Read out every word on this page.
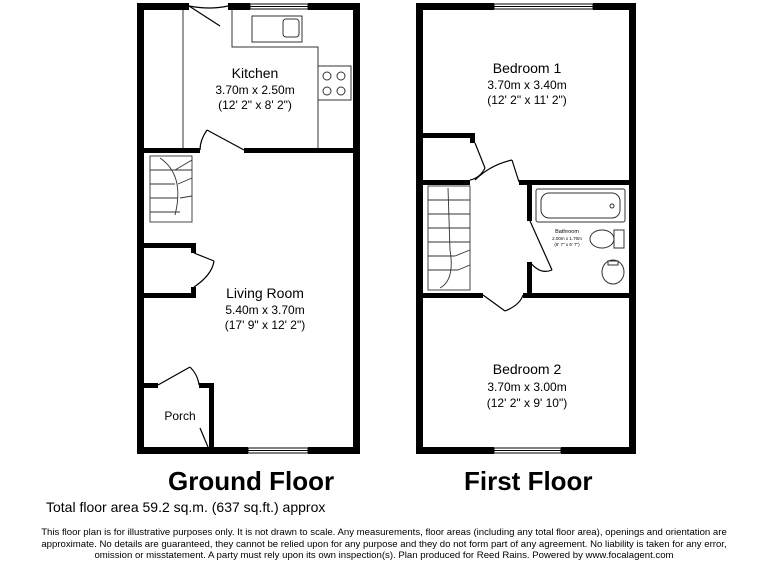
Kitchen
3.70m x 2.50m
(12' 2" x 8' 2")
Living Room
5.40m x 3.70m
(17' 9" x 12' 2")
Porch
Bedroom 1
3.70m x 3.40m
(12' 2" x 11' 2")
Bathroom
2.00m x 1.70m
(6' 7" x 5' 7")
Bedroom 2
3.70m x 3.00m
(12' 2" x 9' 10")
Ground Floor	First Floor
Total floor area 59.2 sq.m. (637 sq.ft.) approx
This floor plan is for illustrative purposes only. It is not drawn to scale. Any measurements, floor areas (including any total floor area), openings and orientation are approximate. No details are guaranteed, they cannot be relied upon for any purpose and they do not form part of any agreement. No liability is taken for any error, omission or misstatement. A party must rely upon its own inspection(s). Plan produced for Reed Rains. Powered by www.focalagent.com
